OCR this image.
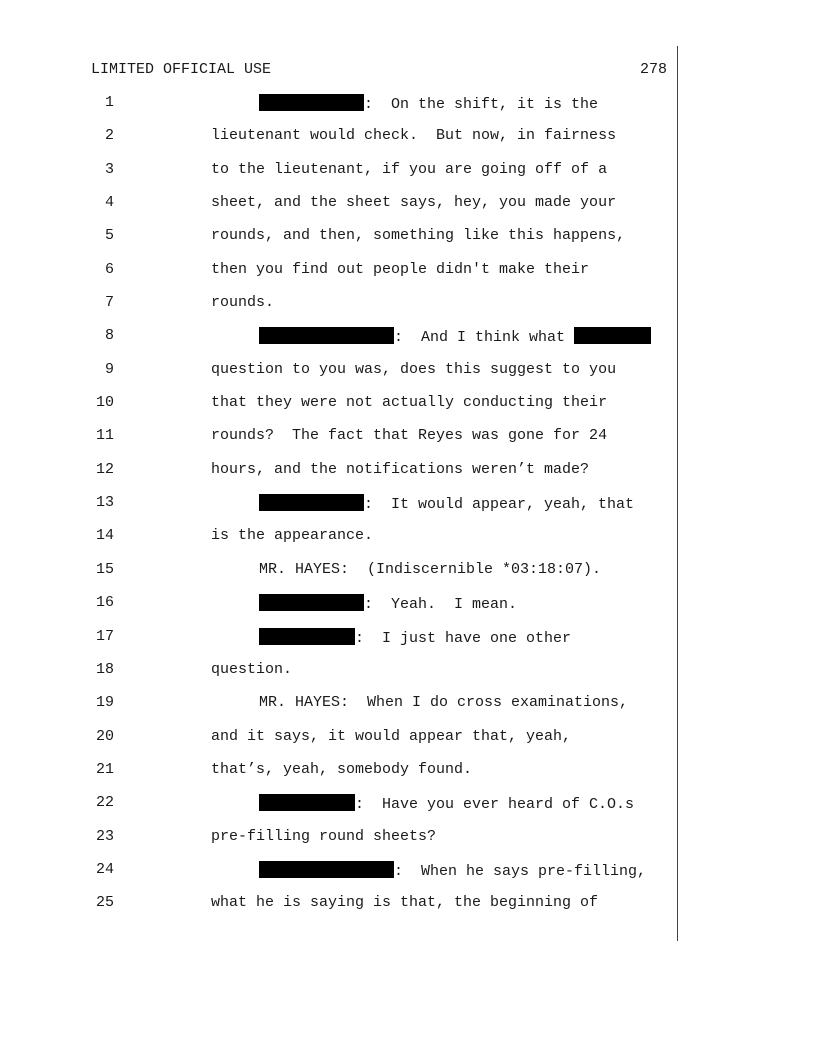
LIMITED OFFICIAL USE	278

1

	:  On the shift, it is the

2

	lieutenant would check.  But now, in fairness

3

	to the lieutenant, if you are going off of a

4

	sheet, and the sheet says, hey, you made your

5

	rounds, and then, something like this happens,

6

	then you find out people didn't make their

7

	rounds.

8

	:  And I think what

9

	question to you was, does this suggest to you

10

	that they were not actually conducting their

11

	rounds?  The fact that Reyes was gone for 24

12

	hours, and the notifications weren’t made?

13

	:  It would appear, yeah, that

14

	is the appearance.

15

	MR. HAYES:  (Indiscernible *03:18:07).

16

	:  Yeah.  I mean.

17

	:  I just have one other

18

	question.

19

	MR. HAYES:  When I do cross examinations,

20

	and it says, it would appear that, yeah,

21

	that’s, yeah, somebody found.

22

	:  Have you ever heard of C.O.s

23

	pre-filling round sheets?

24

	:  When he says pre-filling,

25

	what he is saying is that, the beginning of
